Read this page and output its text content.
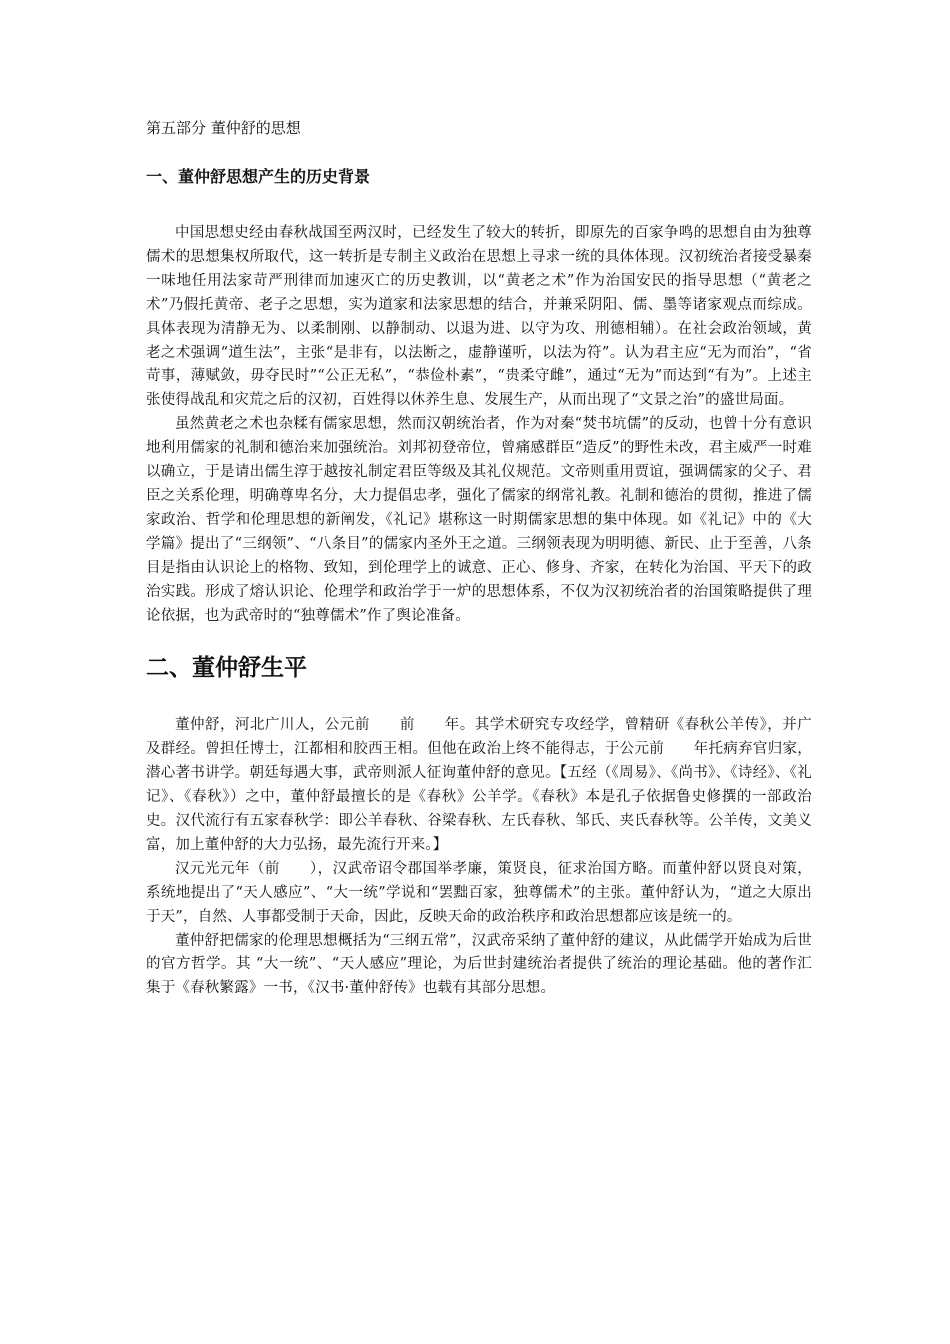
第五部分 董仲舒的思想

一、董仲舒思想产生的历史背景

中国思想史经由春秋战国至两汉时，已经发生了较大的转折，即原先的百家争鸣的思想自由为独尊儒术的思想集权所取代，这一转折是专制主义政治在思想上寻求一统的具体体现。汉初统治者接受暴秦一味地任用法家苛严刑律而加速灭亡的历史教训，以“黄老之术”作为治国安民的指导思想（“黄老之术”乃假托黄帝、老子之思想，实为道家和法家思想的结合，并兼采阴阳、儒、墨等诸家观点而综成。具体表现为清静无为、以柔制刚、以静制动、以退为进、以守为攻、刑德相辅）。在社会政治领域，黄老之术强调“道生法”，主张“是非有，以法断之，虚静谨听，以法为符”。认为君主应“无为而治”，“省苛事，薄赋敛，毋夺民时”“公正无私”，“恭俭朴素”，“贵柔守雌”，通过“无为”而达到“有为”。上述主张使得战乱和灾荒之后的汉初，百姓得以休养生息、发展生产，从而出现了“文景之治”的盛世局面。

虽然黄老之术也杂糅有儒家思想，然而汉朝统治者，作为对秦“焚书坑儒”的反动，也曾十分有意识地利用儒家的礼制和德治来加强统治。刘邦初登帝位，曾痛感群臣“造反”的野性未改，君主威严一时难以确立，于是请出儒生淳于越按礼制定君臣等级及其礼仪规范。文帝则重用贾谊，强调儒家的父子、君臣之关系伦理，明确尊卑名分，大力提倡忠孝，强化了儒家的纲常礼教。礼制和德治的贯彻，推进了儒家政治、哲学和伦理思想的新阐发，《礼记》堪称这一时期儒家思想的集中体现。如《礼记》中的《大学篇》提出了“三纲领”、“八条目”的儒家内圣外王之道。三纲领表现为明明德、新民、止于至善，八条目是指由认识论上的格物、致知，到伦理学上的诚意、正心、修身、齐家，在转化为治国、平天下的政治实践。形成了熔认识论、伦理学和政治学于一炉的思想体系，不仅为汉初统治者的治国策略提供了理论依据，也为武帝时的“独尊儒术”作了舆论准备。

二、董仲舒生平

董仲舒，河北广川人，公元前　　前　　年。其学术研究专攻经学，曾精研《春秋公羊传》，并广及群经。曾担任博士，江都相和胶西王相。但他在政治上终不能得志，于公元前　　年托病弃官归家，潜心著书讲学。朝廷每遇大事，武帝则派人征询董仲舒的意见。【五经（《周易》、《尚书》、《诗经》、《礼记》、《春秋》）之中，董仲舒最擅长的是《春秋》公羊学。《春秋》本是孔子依据鲁史修撰的一部政治史。汉代流行有五家春秋学：即公羊春秋、谷梁春秋、左氏春秋、邹氏、夹氏春秋等。公羊传，文美义富，加上董仲舒的大力弘扬，最先流行开来。】

汉元光元年（前　　），汉武帝诏令郡国举孝廉，策贤良，征求治国方略。而董仲舒以贤良对策，系统地提出了“天人感应”、“大一统”学说和“罢黜百家，独尊儒术”的主张。董仲舒认为，“道之大原出于天”，自然、人事都受制于天命，因此，反映天命的政治秩序和政治思想都应该是统一的。

董仲舒把儒家的伦理思想概括为“三纲五常”，汉武帝采纳了董仲舒的建议，从此儒学开始成为后世的官方哲学。其 “大一统”、“天人感应”理论，为后世封建统治者提供了统治的理论基础。他的著作汇集于《春秋繁露》一书，《汉书·董仲舒传》也载有其部分思想。
